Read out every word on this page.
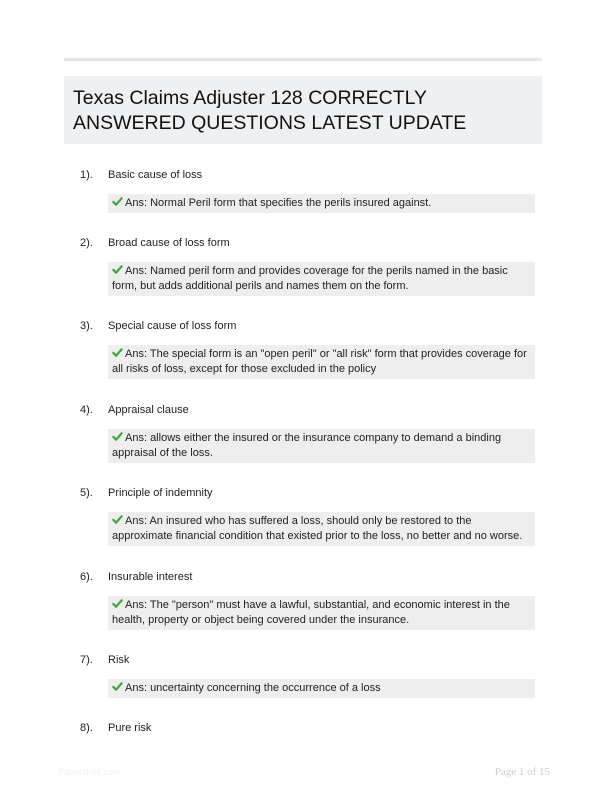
Texas Claims Adjuster 128 CORRECTLY ANSWERED QUESTIONS LATEST UPDATE
1).	Basic cause of loss
Ans: Normal Peril form that specifies the perils insured against.
2).	Broad cause of loss form
Ans: Named peril form and provides coverage for the perils named in the basic form, but adds additional perils and names them on the form.
3).	Special cause of loss form
Ans: The special form is an "open peril" or "all risk" form that provides coverage for all risks of loss, except for those excluded in the policy
4).	Appraisal clause
Ans: allows either the insured or the insurance company to demand a binding appraisal of the loss.
5).	Principle of indemnity
Ans: An insured who has suffered a loss, should only be restored to the approximate financial condition that existed prior to the loss, no better and no worse.
6).	Insurable interest
Ans: The "person" must have a lawful, substantial, and economic interest in the health, property or object being covered under the insurance.
7).	Risk
Ans: uncertainty concerning the occurrence of a loss
8).	Pure risk
Papershelf.com	Page 1 of 15
